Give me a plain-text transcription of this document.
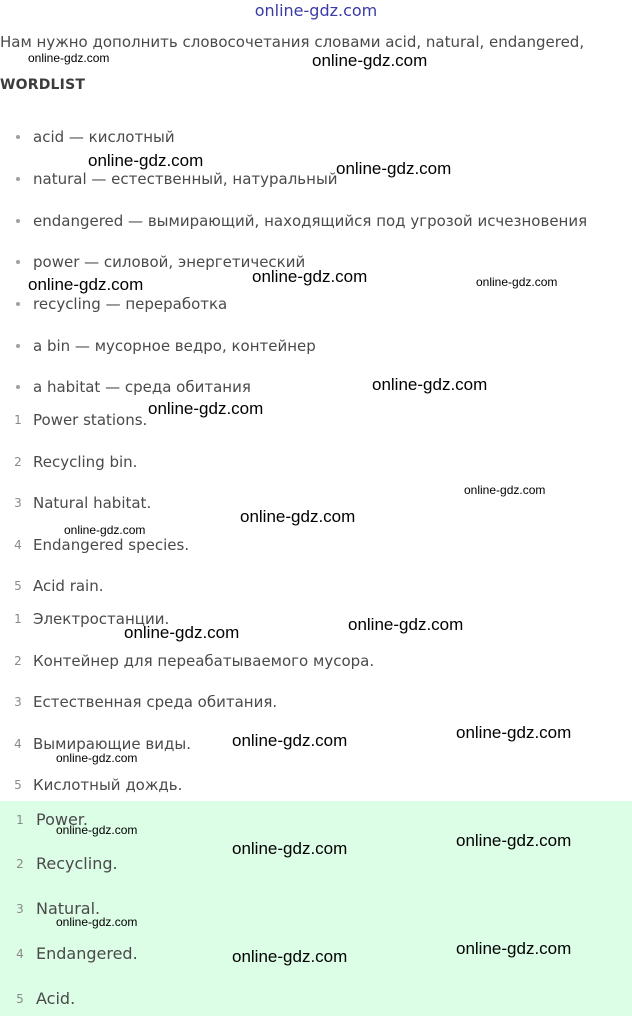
online-gdz.com
Нам нужно дополнить словосочетания словами acid, natural, endangered,
WORDLIST
acid — кислотный
natural — естественный, натуральный
endangered — вымирающий, находящийся под угрозой исчезновения
power — силовой, энергетический
recycling — переработка
a bin — мусорное ведро, контейнер
a habitat — среда обитания
1 Power stations.
2 Recycling bin.
3 Natural habitat.
4 Endangered species.
5 Acid rain.
1 Электростанции.
2 Контейнер для переабатываемого мусора.
3 Естественная среда обитания.
4 Вымирающие виды.
5 Кислотный дождь.
1 Power.
2 Recycling.
3 Natural.
4 Endangered.
5 Acid.
online-gdz.com	online-gdz.com
online-gdz.com	online-gdz.com
online-gdz.com	online-gdz.com
online-gdz.com
online-gdz.com
online-gdz.com
online-gdz.com
online-gdz.com
online-gdz.com
online-gdz.com
online-gdz.com
online-gdz.com
online-gdz.com
online-gdz.com
online-gdz.com
online-gdz.com
online-gdz.com
online-gdz.com
online-gdz.com
online-gdz.com
